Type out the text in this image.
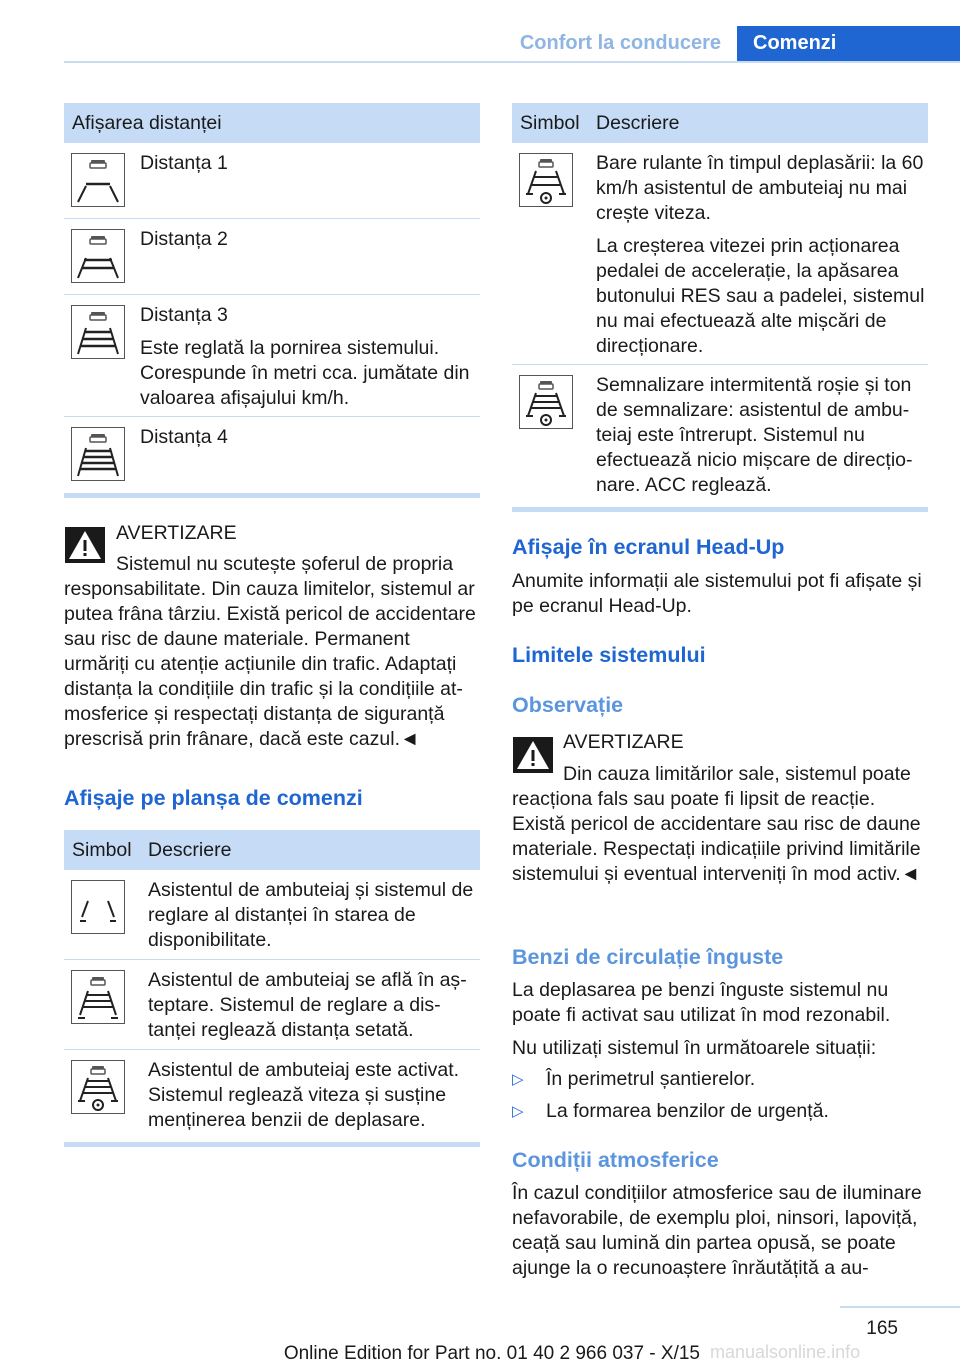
Confort la conducere	Comenzi
Afișarea distanței

Distanța 1

Distanța 2

Distanța 3

Este reglată la pornirea sistemului. Corespunde în metri cca. jumătate din valoarea afișajului km/h.

Distanța 4

AVERTIZARE
Sistemul nu scutește șoferul de propria responsabilitate. Din cauza limitelor, sistemul ar putea frâna târziu. Există pericol de accidentare sau risc de daune materiale. Permanent urmăriți cu atenție acțiunile din trafic. Adaptați distanța la condițiile din trafic și la condițiile atmosferice și respectați distanța de siguranță prescrisă prin frânare, dacă este cazul.◄
Afișaje pe planșa de comenzi
Simbol Descriere

Asistentul de ambuteiaj și sistemul de reglare al distanței în starea de disponibilitate.

Asistentul de ambuteiaj se află în așteptare. Sistemul de reglare a distanței reglează distanța setată.

Asistentul de ambuteiaj este activat. Sistemul reglează viteza și susține menținerea benzii de deplasare.

Simbol Descriere

Bare rulante în timpul deplasării: la 60 km/h asistentul de ambuteiaj nu mai crește viteza.

La creșterea vitezei prin acționarea pedalei de accelerație, la apăsarea butonului RES sau a padelei, sistemul nu mai efectuează alte mișcări de direcționare.

Semnalizare intermitentă roșie și ton de semnalizare: asistentul de ambuteiaj este întrerupt. Sistemul nu efectuează nicio mișcare de direcționare. ACC reglează.

Afișaje în ecranul Head-Up

Anumite informații ale sistemului pot fi afișate și pe ecranul Head-Up.

Limitele sistemului
Observație
AVERTIZARE
Din cauza limitărilor sale, sistemul poate reacționa fals sau poate fi lipsit de reacție. Există pericol de accidentare sau risc de daune materiale. Respectați indicațiile privind limitările sistemului și eventual interveniți în mod activ.◄
Benzi de circulație înguste

La deplasarea pe benzi înguste sistemul nu poate fi activat sau utilizat în mod rezonabil.

Nu utilizați sistemul în următoarele situații:

▷ În perimetrul șantierelor.
▷ La formarea benzilor de urgență.
Condiții atmosferice

În cazul condițiilor atmosferice sau de iluminare nefavorabile, de exemplu ploi, ninsori, lapoviță, ceață sau lumină din partea opusă, se poate ajunge la o recunoaștere înrăutățită a au-

165
Online Edition for Part no. 01 40 2 966 037 - X/15 manualsonline.info
